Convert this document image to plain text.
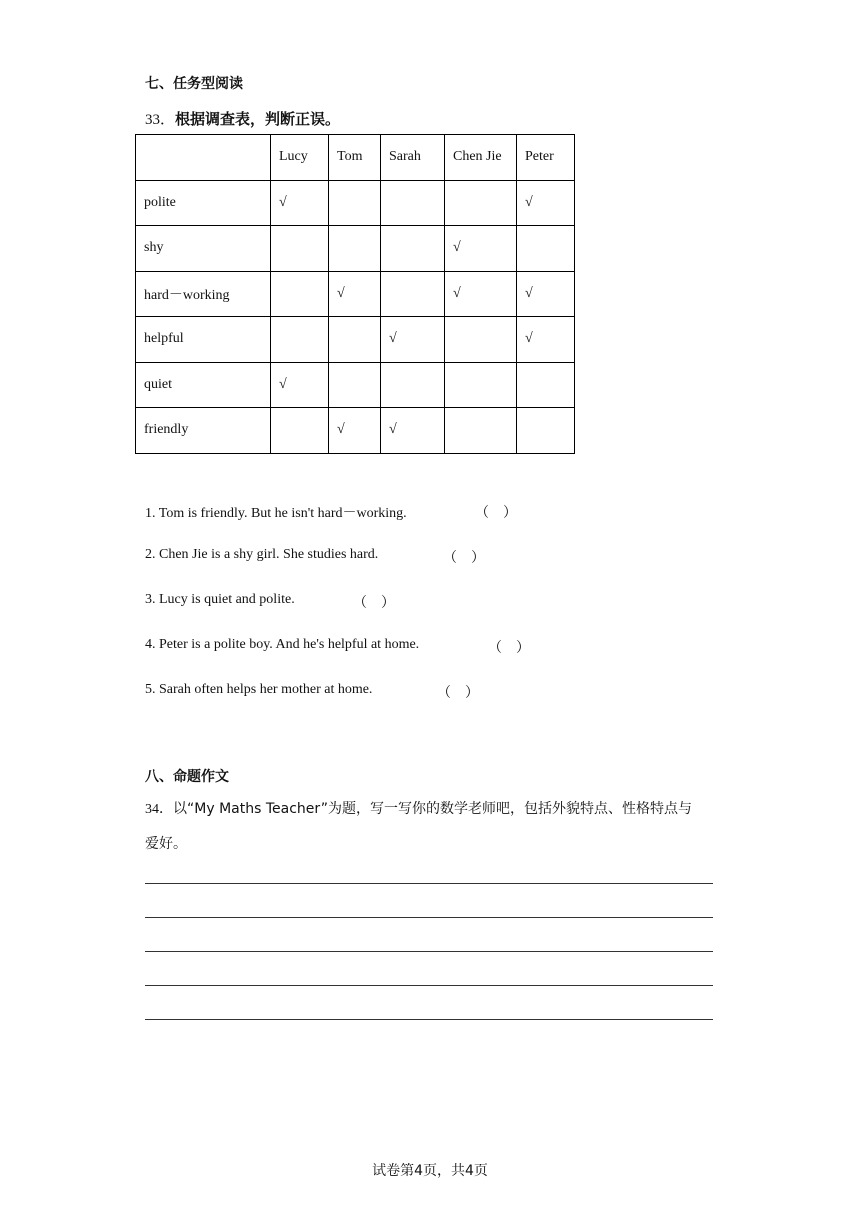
七、任务型阅读
33．根据调查表，判断正误。
	Lucy	Tom	Sarah	Chen Jie	Peter
polite	√				√
shy				√	
hard－working		√		√	√
helpful			√		√
quiet	√				
friendly		√	√		
1. Tom is friendly. But he isn't hard－working.	（　）
2. Chen Jie is a shy girl. She studies hard.	（　）
3. Lucy is quiet and polite.	（　）
4. Peter is a polite boy. And he's helpful at home.	（　）
5. Sarah often helps her mother at home.	（　）
八、命题作文
34．以“My Maths Teacher”为题，写一写你的数学老师吧，包括外貌特点、性格特点与
爱好。
试卷第4页，共4页
